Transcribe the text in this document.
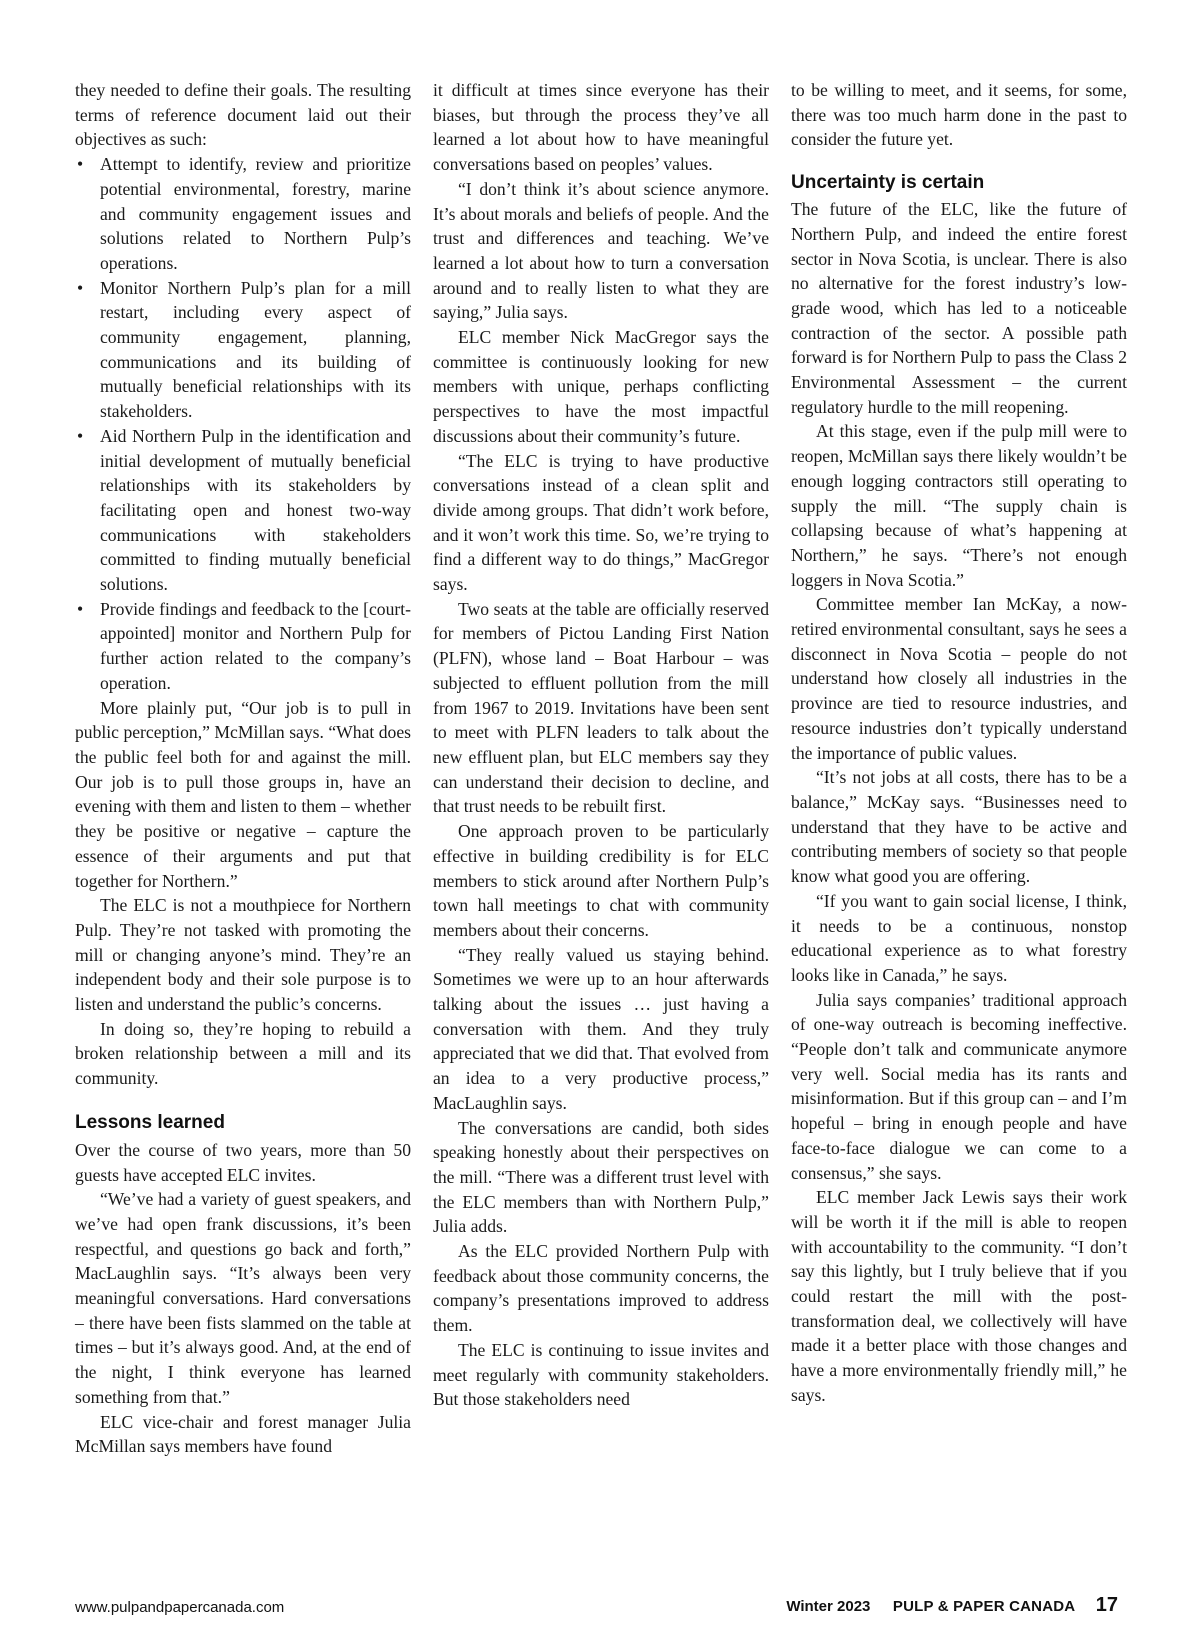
they needed to define their goals. The resulting terms of reference document laid out their objectives as such:

• Attempt to identify, review and prioritize potential environmental, forestry, marine and community engagement issues and solutions related to Northern Pulp’s operations.
• Monitor Northern Pulp’s plan for a mill restart, including every aspect of community engagement, planning, communications and its building of mutually beneficial relationships with its stakeholders.
• Aid Northern Pulp in the identification and initial development of mutually beneficial relationships with its stakeholders by facilitating open and honest two-way communications with stakeholders committed to finding mutually beneficial solutions.
• Provide findings and feedback to the [court-appointed] monitor and Northern Pulp for further action related to the company’s operation.

More plainly put, “Our job is to pull in public perception,” McMillan says. “What does the public feel both for and against the mill. Our job is to pull those groups in, have an evening with them and listen to them – whether they be positive or negative – capture the essence of their arguments and put that together for Northern.”

The ELC is not a mouthpiece for Northern Pulp. They’re not tasked with promoting the mill or changing anyone’s mind. They’re an independent body and their sole purpose is to listen and understand the public’s concerns.

In doing so, they’re hoping to rebuild a broken relationship between a mill and its community.

Lessons learned

Over the course of two years, more than 50 guests have accepted ELC invites.

“We’ve had a variety of guest speakers, and we’ve had open frank discussions, it’s been respectful, and questions go back and forth,” MacLaughlin says. “It’s always been very meaningful conversations. Hard conversations – there have been fists slammed on the table at times – but it’s always good. And, at the end of the night, I think everyone has learned something from that.”

ELC vice-chair and forest manager Julia McMillan says members have found

it difficult at times since everyone has their biases, but through the process they’ve all learned a lot about how to have meaningful conversations based on peoples’ values.

“I don’t think it’s about science anymore. It’s about morals and beliefs of people. And the trust and differences and teaching. We’ve learned a lot about how to turn a conversation around and to really listen to what they are saying,” Julia says.

ELC member Nick MacGregor says the committee is continuously looking for new members with unique, perhaps conflicting perspectives to have the most impactful discussions about their community’s future.

“The ELC is trying to have productive conversations instead of a clean split and divide among groups. That didn’t work before, and it won’t work this time. So, we’re trying to find a different way to do things,” MacGregor says.

Two seats at the table are officially reserved for members of Pictou Landing First Nation (PLFN), whose land – Boat Harbour – was subjected to effluent pollution from the mill from 1967 to 2019. Invitations have been sent to meet with PLFN leaders to talk about the new effluent plan, but ELC members say they can understand their decision to decline, and that trust needs to be rebuilt first.

One approach proven to be particularly effective in building credibility is for ELC members to stick around after Northern Pulp’s town hall meetings to chat with community members about their concerns.

“They really valued us staying behind. Sometimes we were up to an hour afterwards talking about the issues … just having a conversation with them. And they truly appreciated that we did that. That evolved from an idea to a very productive process,” MacLaughlin says.

The conversations are candid, both sides speaking honestly about their perspectives on the mill. “There was a different trust level with the ELC members than with Northern Pulp,” Julia adds.

As the ELC provided Northern Pulp with feedback about those community concerns, the company’s presentations improved to address them.

The ELC is continuing to issue invites and meet regularly with community stakeholders. But those stakeholders need

to be willing to meet, and it seems, for some, there was too much harm done in the past to consider the future yet.

Uncertainty is certain

The future of the ELC, like the future of Northern Pulp, and indeed the entire forest sector in Nova Scotia, is unclear. There is also no alternative for the forest industry’s low-grade wood, which has led to a noticeable contraction of the sector. A possible path forward is for Northern Pulp to pass the Class 2 Environmental Assessment – the current regulatory hurdle to the mill reopening.

At this stage, even if the pulp mill were to reopen, McMillan says there likely wouldn’t be enough logging contractors still operating to supply the mill. “The supply chain is collapsing because of what’s happening at Northern,” he says. “There’s not enough loggers in Nova Scotia.”

Committee member Ian McKay, a now-retired environmental consultant, says he sees a disconnect in Nova Scotia – people do not understand how closely all industries in the province are tied to resource industries, and resource industries don’t typically understand the importance of public values.

“It’s not jobs at all costs, there has to be a balance,” McKay says. “Businesses need to understand that they have to be active and contributing members of society so that people know what good you are offering.

“If you want to gain social license, I think, it needs to be a continuous, nonstop educational experience as to what forestry looks like in Canada,” he says.

Julia says companies’ traditional approach of one-way outreach is becoming ineffective. “People don’t talk and communicate anymore very well. Social media has its rants and misinformation. But if this group can – and I’m hopeful – bring in enough people and have face-to-face dialogue we can come to a consensus,” she says.

ELC member Jack Lewis says their work will be worth it if the mill is able to reopen with accountability to the community. “I don’t say this lightly, but I truly believe that if you could restart the mill with the post-transformation deal, we collectively will have made it a better place with those changes and have a more environmentally friendly mill,” he says.

www.pulpandpapercanada.com	Winter 2023 PULP & PAPER CANADA 17
